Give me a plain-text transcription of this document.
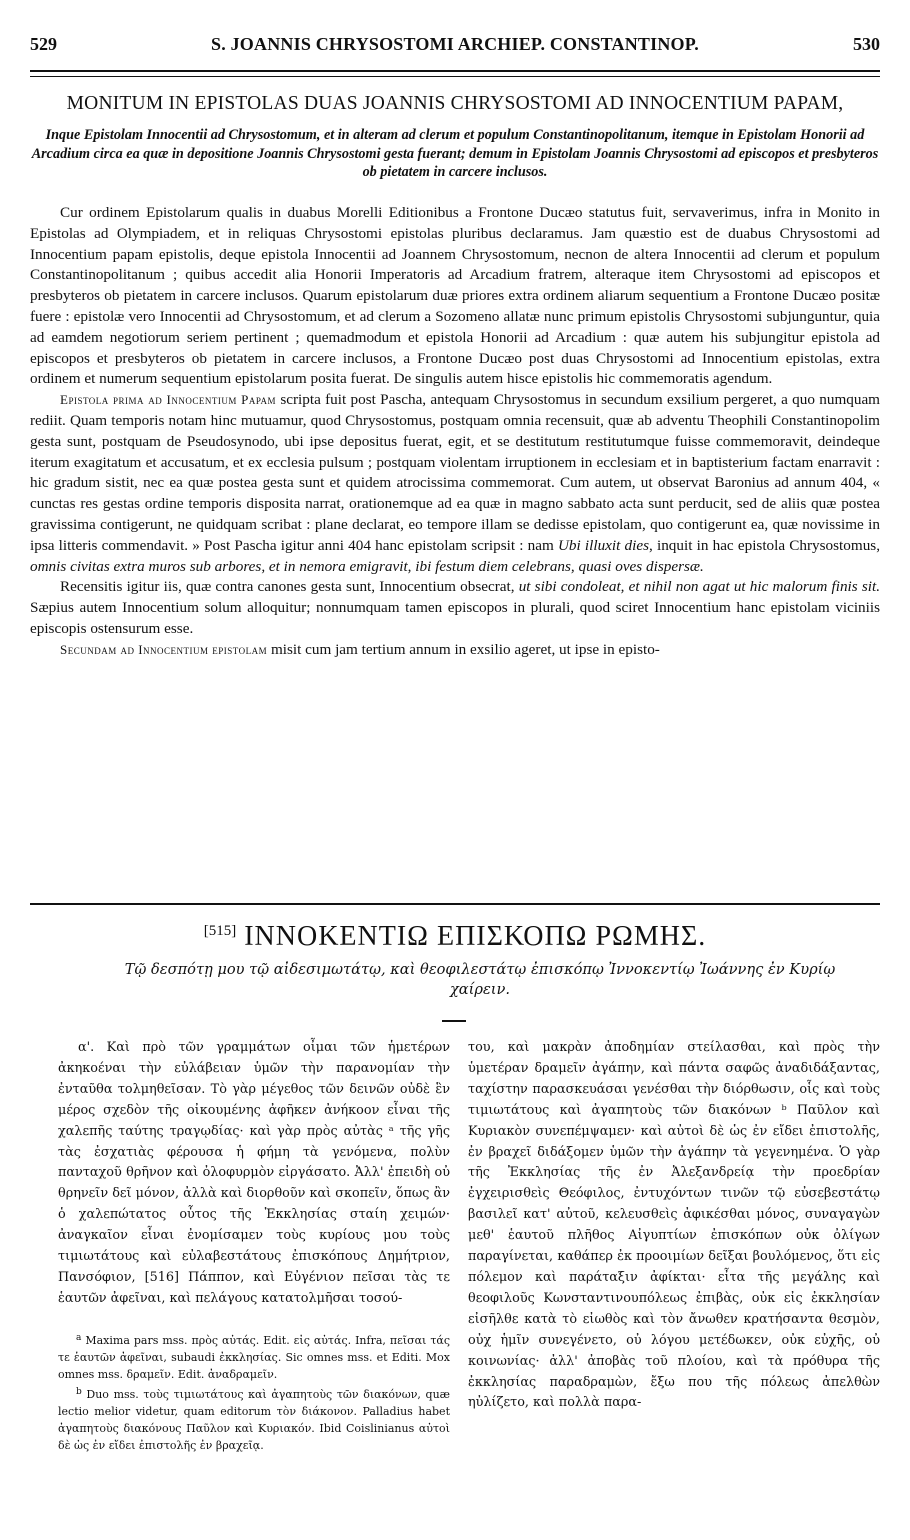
529	S. JOANNIS CHRYSOSTOMI ARCHIEP. CONSTANTINOP.	530
MONITUM IN EPISTOLAS DUAS JOANNIS CHRYSOSTOMI AD INNOCENTIUM PAPAM,
Inque Epistolam Innocentii ad Chrysostomum, et in alteram ad clerum et populum Constantinopolitanum, itemque in Epistolam Honorii ad Arcadium circa ea quæ in depositione Joannis Chrysostomi gesta fuerant; demum in Epistolam Joannis Chrysostomi ad episcopos et presbyteros ob pietatem in carcere inclusos.

Cur ordinem Epistolarum qualis in duabus Morelli Editionibus a Frontone Ducæo statutus fuit, servaverimus, infra in Monito in Epistolas ad Olympiadem, et in reliquas Chrysostomi epistolas pluribus declaramus. Jam quæstio est de duabus Chrysostomi ad Innocentium papam epistolis, deque epistola Innocentii ad Joannem Chrysostomum, necnon de altera Innocentii ad clerum et populum Constantinopolitanum ; quibus accedit alia Honorii Imperatoris ad Arcadium fratrem, alteraque item Chrysostomi ad episcopos et presbyteros ob pietatem in carcere inclusos. Quarum epistolarum duæ priores extra ordinem aliarum sequentium a Frontone Ducæo positæ fuere : epistolæ vero Innocentii ad Chrysostomum, et ad clerum a Sozomeno allatæ nunc primum epistolis Chrysostomi subjunguntur, quia ad eamdem negotiorum seriem pertinent ; quemadmodum et epistola Honorii ad Arcadium : quæ autem his subjungitur epistola ad episcopos et presbyteros ob pietatem in carcere inclusos, a Frontone Ducæo post duas Chrysostomi ad Innocentium epistolas, extra ordinem et numerum sequentium epistolarum posita fuerat. De singulis autem hisce epistolis hic commemoratis agendum.

Epistola prima ad Innocentium Papam scripta fuit post Pascha, antequam Chrysostomus in secundum exsilium pergeret, a quo numquam rediit. Quam temporis notam hinc mutuamur, quod Chrysostomus, postquam omnia recensuit, quæ ab adventu Theophili Constantinopolim gesta sunt, postquam de Pseudosynodo, ubi ipse depositus fuerat, egit, et se destitutum restitutumque fuisse commemoravit, deindeque iterum exagitatum et accusatum, et ex ecclesia pulsum ; postquam violentam irruptionem in ecclesiam et in baptisterium factam enarravit : hic gradum sistit, nec ea quæ postea gesta sunt et quidem atrocissima commemorat. Cum autem, ut observat Baronius ad annum 404, « cunctas res gestas ordine temporis disposita narrat, orationemque ad ea quæ in magno sabbato acta sunt perducit, sed de aliis quæ postea gravissima contigerunt, ne quidquam scribat : plane declarat, eo tempore illam se dedisse epistolam, quo contigerunt ea, quæ novissime in ipsa litteris commendavit. » Post Pascha igitur anni 404 hanc epistolam scripsit : nam Ubi illuxit dies, inquit in hac epistola Chrysostomus, omnis civitas extra muros sub arbores, et in nemora emigravit, ibi festum diem celebrans, quasi oves dispersæ.

Recensitis igitur iis, quæ contra canones gesta sunt, Innocentium obsecrat, ut sibi condoleat, et nihil non agat ut hic malorum finis sit. Sæpius autem Innocentium solum alloquitur; nonnumquam tamen episcopos in plurali, quod sciret Innocentium hanc epistolam viciniis episcopis ostensurum esse.

Secundam ad Innocentium epistolam misit cum jam tertium annum in exsilio ageret, ut ipse in episto-

[515] ΙΝΝΟΚΕΝΤΙΩ ΕΠΙΣΚΟΠΩ ΡΩΜΗΣ.
Τῷ δεσπότῃ μου τῷ αἰδεσιμωτάτῳ, καὶ θεοφιλεστάτῳ ἐπισκόπῳ Ἰννοκεντίῳ Ἰωάννης ἐν Κυρίῳ χαίρειν.

α'. Καὶ πρὸ τῶν γραμμάτων οἶμαι τῶν ἡμετέρων ἀκηκοέναι τὴν εὐλάβειαν ὑμῶν τὴν παρανομίαν τὴν ἐνταῦθα τολμηθεῖσαν. Τὸ γὰρ μέγεθος τῶν δεινῶν οὐδὲ ἓν μέρος σχεδὸν τῆς οἰκουμένης ἀφῆκεν ἀνήκοον εἶναι τῆς χαλεπῆς ταύτης τραγῳδίας· καὶ γὰρ πρὸς αὐτὰς ᵃ τῆς γῆς τὰς ἐσχατιὰς φέρουσα ἡ φήμη τὰ γενόμενα, πολὺν πανταχοῦ θρῆνον καὶ ὀλοφυρμὸν εἰργάσατο. Ἀλλ' ἐπειδὴ οὐ θρηνεῖν δεῖ μόνον, ἀλλὰ καὶ διορθοῦν καὶ σκοπεῖν, ὅπως ἂν ὁ χαλεπώτατος οὗτος τῆς Ἐκκλησίας σταίη χειμών· ἀναγκαῖον εἶναι ἐνομίσαμεν τοὺς κυρίους μου τοὺς τιμιωτάτους καὶ εὐλαβεστάτους ἐπισκόπους Δημήτριον, Πανσόφιον, [516] Πάππον, καὶ Εὐγένιον πεῖσαι τὰς τε ἑαυτῶν ἀφεῖναι, καὶ πελάγους κατατολμῆσαι τοσού-

του, καὶ μακρὰν ἀποδημίαν στείλασθαι, καὶ πρὸς τὴν ὑμετέραν δραμεῖν ἀγάπην, καὶ πάντα σαφῶς ἀναδιδάξαντας, ταχίστην παρασκευάσαι γενέσθαι τὴν διόρθωσιν, οἷς καὶ τοὺς τιμιωτάτους καὶ ἀγαπητοὺς τῶν διακόνων ᵇ Παῦλον καὶ Κυριακὸν συνεπέμψαμεν· καὶ αὐτοὶ δὲ ὡς ἐν εἴδει ἐπιστολῆς, ἐν βραχεῖ διδάξομεν ὑμῶν τὴν ἀγάπην τὰ γεγενημένα. Ὁ γὰρ τῆς Ἐκκλησίας τῆς ἐν Ἀλεξανδρείᾳ τὴν προεδρίαν ἐγχειρισθεὶς Θεόφιλος, ἐντυχόντων τινῶν τῷ εὐσεβεστάτῳ βασιλεῖ κατ' αὐτοῦ, κελευσθεὶς ἀφικέσθαι μόνος, συναγαγὼν μεθ' ἑαυτοῦ πλῆθος Αἰγυπτίων ἐπισκόπων οὐκ ὀλίγων παραγίνεται, καθάπερ ἐκ προοιμίων δεῖξαι βουλόμενος, ὅτι εἰς πόλεμον καὶ παράταξιν ἀφίκται· εἶτα τῆς μεγάλης καὶ θεοφιλοῦς Κωνσταντινουπόλεως ἐπιβὰς, οὐκ εἰς ἐκκλησίαν εἰσῆλθε κατὰ τὸ εἰωθὸς καὶ τὸν ἄνωθεν κρατήσαντα θεσμὸν, οὐχ ἡμῖν συνεγένετο, οὐ λόγου μετέδωκεν, οὐκ εὐχῆς, οὐ κοινωνίας· ἀλλ' ἀποβὰς τοῦ πλοίου, καὶ τὰ πρόθυρα τῆς ἐκκλησίας παραδραμὼν, ἔξω που τῆς πόλεως ἀπελθὼν ηὐλίζετο, καὶ πολλὰ παρα-

$^a$ Maxima pars mss. πρὸς αὐτάς. Edit. εἰς αὐτάς. Infra, πεῖσαι τάς τε ἑαυτῶν ἀφεῖναι, subaudi ἐκκλησίας. Sic omnes mss. et Editi. Mox omnes mss. δραμεῖν. Edit. ἀναδραμεῖν.

$^b$ Duo mss. τοὺς τιμιωτάτους καὶ ἀγαπητοὺς τῶν διακόνων, quæ lectio melior videtur, quam editorum τὸν διάκονον. Palladius habet ἀγαπητοὺς διακόνους Παῦλον καὶ Κυριακόν. Ibid Coislinianus αὐτοὶ δὲ ὡς ἐν εἴδει ἐπιστολῆς ἐν βραχεῖᾳ.
